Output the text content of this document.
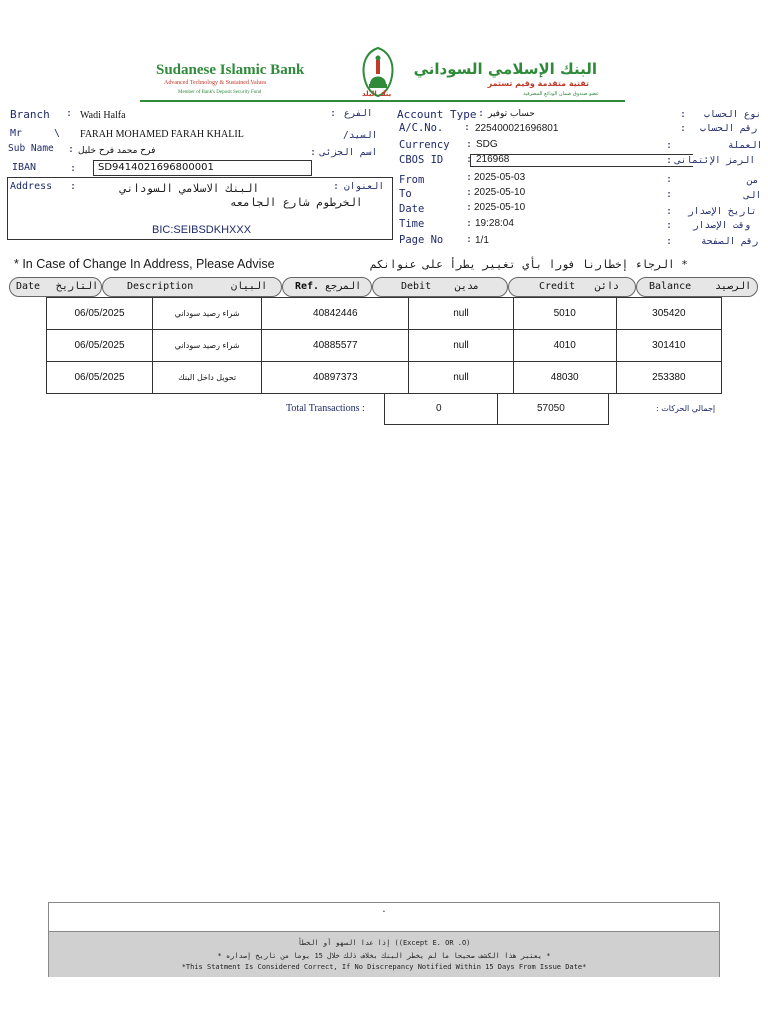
Sudanese Islamic Bank
Advanced Technology & Sustained Values
Member of Bank's Deposit Security Fund	بنك البلد
البنك الإسلامي السوداني
تقنية متقدمة وقيم تستمر
عضو صندوق ضمان الودائع المصرفية
Branch : Wadi Halfa	: الفرع
Mr	\ FARAH MOHAMED FARAH KHALIL	السيد/
Sub Name : فرح محمد فرح خليل	: اسم الجزئى
IBAN	: SD9414021696800001
Address :	: العنوان
البنك الاسلامي السوداني
الخرطوم شارع الجامعه
BIC:SEIBSDKHXXX
Account Type : حساب توفير	: نوع الحساب
A/C.No. : 225400021696801	: رقم الحساب
Currency : SDG	:	العملة
CBOS ID : 216968	: الرمز الإئتمانى
From	: 2025-05-03	:	من
To	: 2025-05-10	:	الى
Date	: 2025-05-10	: تاريخ الإصدار
Time	: 19:28:04	: وقت الإصدار
Page No : 1/1	:	رقم الصفحة
* In Case of Change In Address, Please Advise	* الرجاء إخطارنا فورا بأي تغيير يطرأ على عنوانكم
Date التاريخ	Description	البيان	Ref. المرجع	Debit مدين	Credit دائن	Balance الرصيد
06/05/2025	شراء رصيد سوداني	40842446	null	5010	305420
06/05/2025	شراء رصيد سوداني	40885577	null	4010	301410
06/05/2025	تحويل داخل البنك	40897373	null	48030	253380
Total Transactions :	0	57050	إجمالي الحركات :
.
إذا عدا السهو أو الخطأ ((Except E. OR .O)
* يعتبر هذا الكشف صحيحا ما لم يخطر البنك بخلاف ذلك خلال 15 يوما من تاريخ إصداره *
*This Statment Is Considered Correct, If No Discrepancy Notified Within 15 Days From Issue Date*
